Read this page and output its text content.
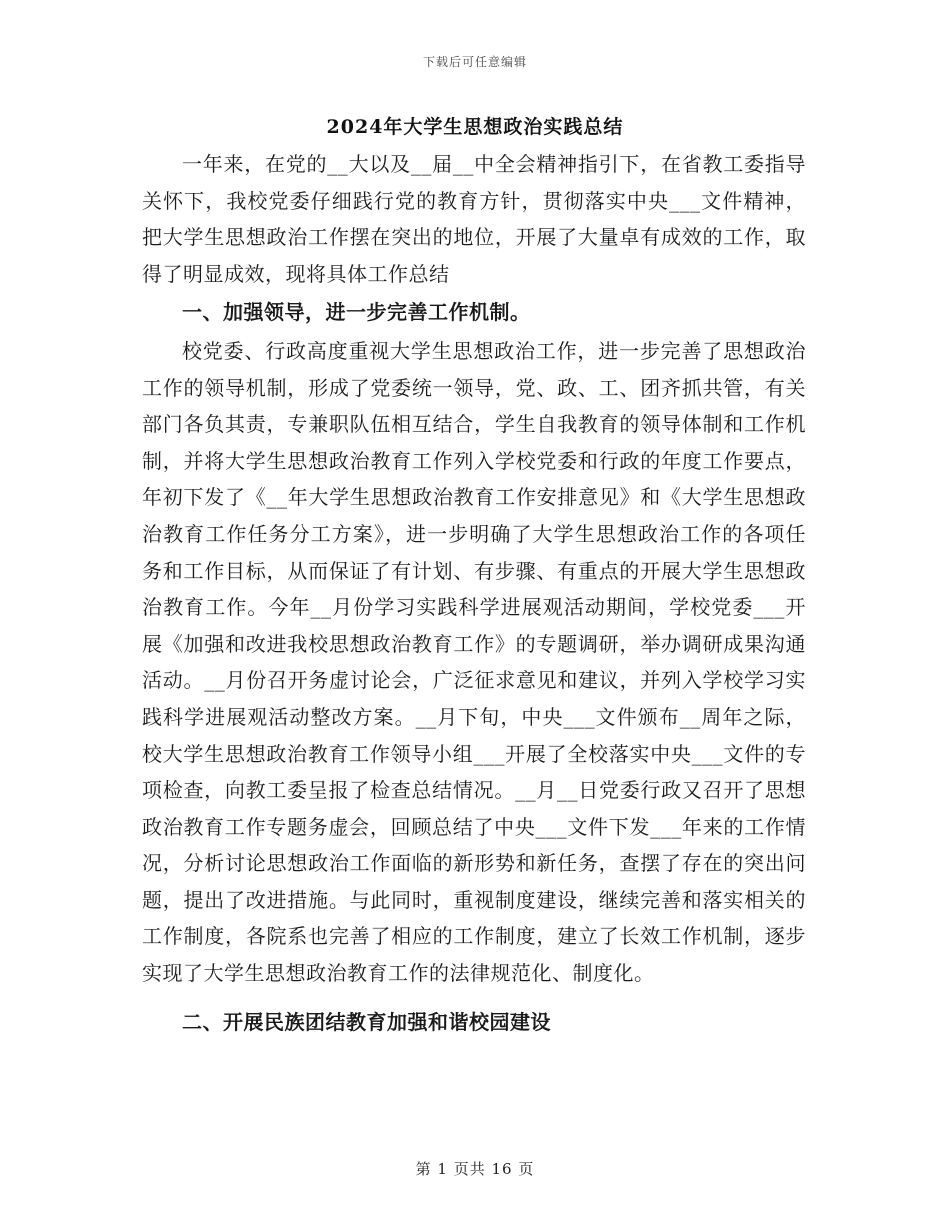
下载后可任意编辑
2024年大学生思想政治实践总结

一年来，在党的__大以及__届__中全会精神指引下，在省教工委指导关怀下，我校党委仔细践行党的教育方针，贯彻落实中央___文件精神，把大学生思想政治工作摆在突出的地位，开展了大量卓有成效的工作，取得了明显成效，现将具体工作总结

一、加强领导，进一步完善工作机制。

校党委、行政高度重视大学生思想政治工作，进一步完善了思想政治工作的领导机制，形成了党委统一领导，党、政、工、团齐抓共管，有关部门各负其责，专兼职队伍相互结合，学生自我教育的领导体制和工作机制，并将大学生思想政治教育工作列入学校党委和行政的年度工作要点，年初下发了《__年大学生思想政治教育工作安排意见》和《大学生思想政治教育工作任务分工方案》，进一步明确了大学生思想政治工作的各项任务和工作目标，从而保证了有计划、有步骤、有重点的开展大学生思想政治教育工作。今年__月份学习实践科学进展观活动期间，学校党委___开展《加强和改进我校思想政治教育工作》的专题调研，举办调研成果沟通活动。__月份召开务虚讨论会，广泛征求意见和建议，并列入学校学习实践科学进展观活动整改方案。__月下旬，中央___文件颁布__周年之际，校大学生思想政治教育工作领导小组___开展了全校落实中央___文件的专项检查，向教工委呈报了检查总结情况。__月__日党委行政又召开了思想政治教育工作专题务虚会，回顾总结了中央___文件下发___年来的工作情况，分析讨论思想政治工作面临的新形势和新任务，查摆了存在的突出问题，提出了改进措施。与此同时，重视制度建设，继续完善和落实相关的工作制度，各院系也完善了相应的工作制度，建立了长效工作机制，逐步实现了大学生思想政治教育工作的法律规范化、制度化。

二、开展民族团结教育加强和谐校园建设

第 1 页共 16 页
